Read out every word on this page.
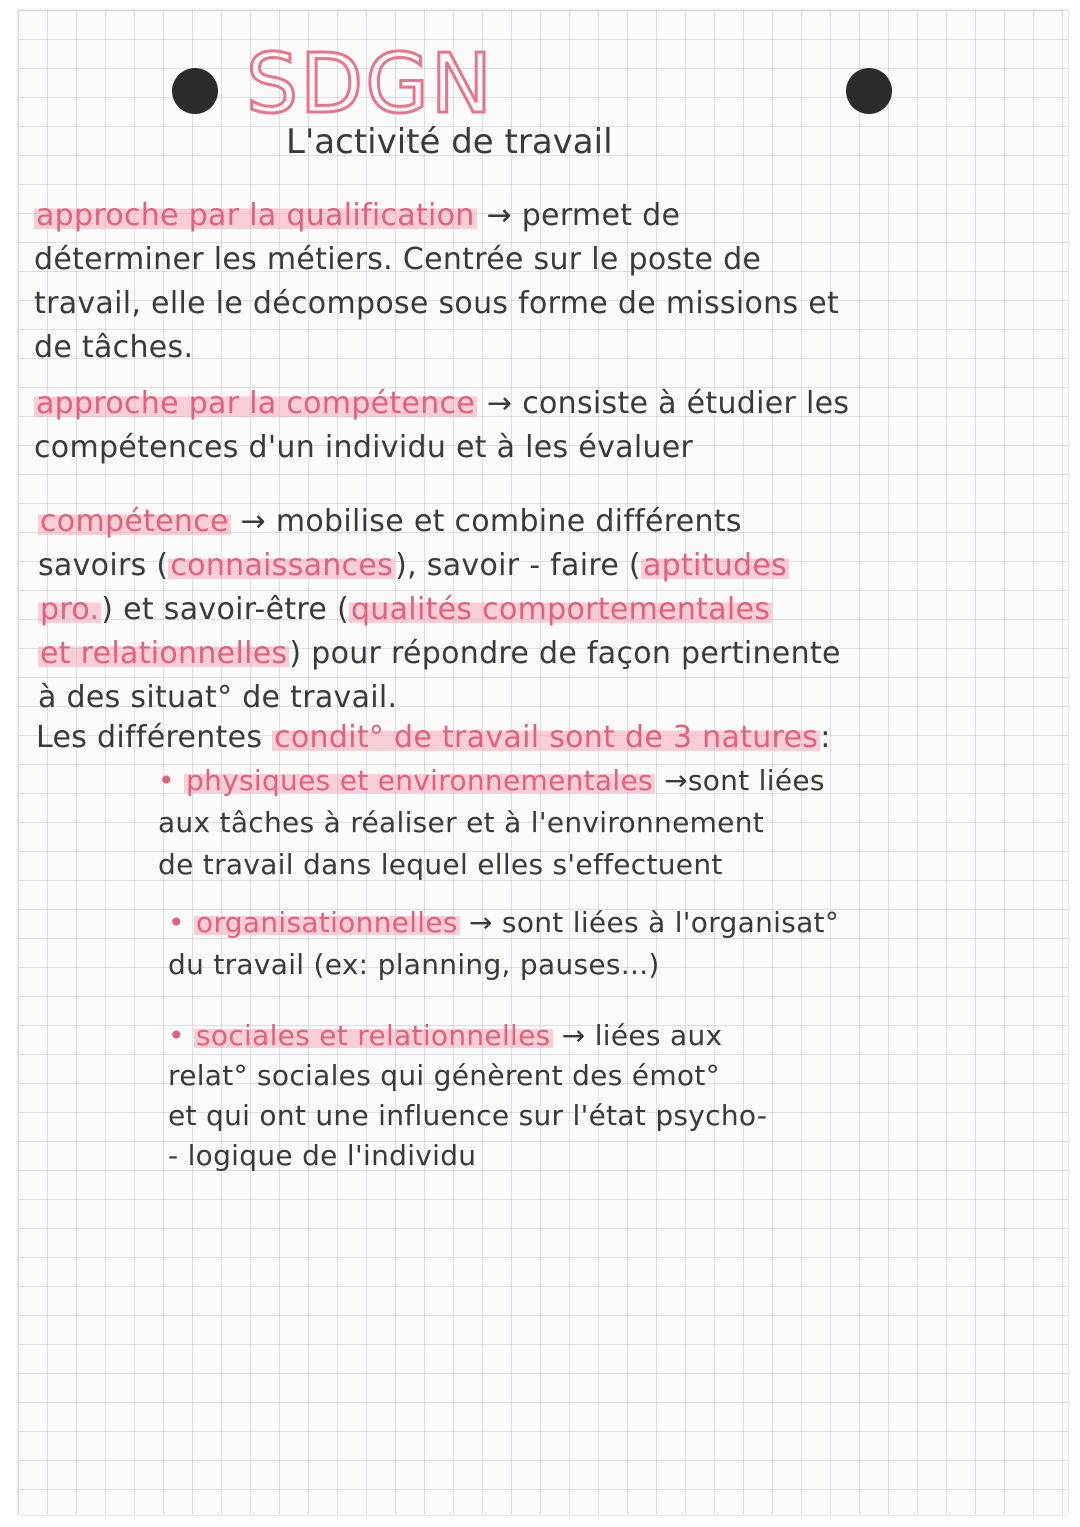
SDGN
L'activité de travail
approche par la qualification → permet de
déterminer les métiers. Centrée sur le poste de
travail, elle le décompose sous forme de missions et
de tâches.
approche par la compétence → consiste à étudier les
compétences d'un individu et à les évaluer
compétence → mobilise et combine différents
savoirs (connaissances), savoir - faire (aptitudes
pro.) et savoir-être (qualités comportementales
et relationnelles) pour répondre de façon pertinente
à des situat° de travail.
Les différentes condit° de travail sont de 3 natures:
• physiques et environnementales →sont liées
aux tâches à réaliser et à l'environnement
de travail dans lequel elles s'effectuent
• organisationnelles → sont liées à l'organisat°
du travail (ex: planning, pauses...)
• sociales et relationnelles → liées aux
relat° sociales qui génèrent des émot°
et qui ont une influence sur l'état psycho-
- logique de l'individu
